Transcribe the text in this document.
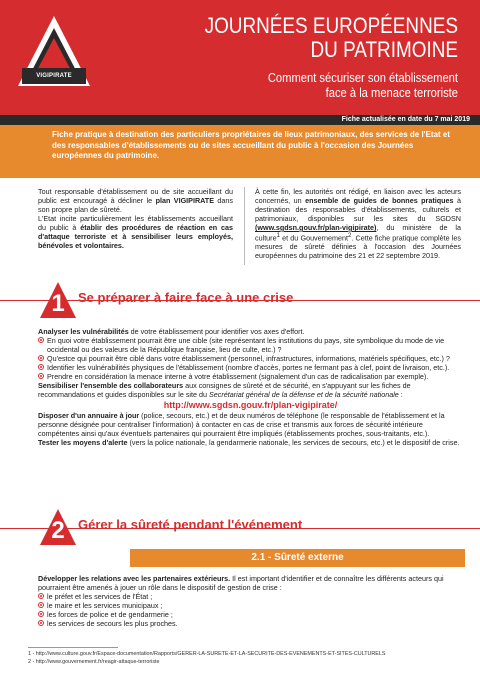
VIGIPIRATE
JOURNÉES EUROPÉENNES
DU PATRIMOINE
Comment sécuriser son établissement
face à la menace terroriste
Fiche actualisée en date du 7 mai 2019
Fiche pratique à destination des particuliers propriétaires de lieux patrimoniaux, des services de l'Etat et des responsables d'établissements ou de sites accueillant du public à l'occasion des Journées européennes du patrimoine.

Tout responsable d'établissement ou de site accueillant du public est encouragé à décliner le plan VIGIPIRATE dans son propre plan de sûreté.

L'Etat incite particulièrement les établissements accueillant du public à établir des procédures de réaction en cas d'attaque terroriste et à sensibiliser leurs employés, bénévoles et volontaires.

À cette fin, les autorités ont rédigé, en liaison avec les acteurs concernés, un ensemble de guides de bonnes pratiques à destination des responsables d'établissements, culturels et patrimoniaux, disponibles sur les sites du SGDSN (www.sgdsn.gouv.fr/plan-vigipirate), du ministère de la culture$^1$ et du Gouvernement$^2$. Cette fiche pratique complète les mesures de sûreté définies à l'occasion des Journées européennes du patrimoine des 21 et 22 septembre 2019.

1	Se préparer à faire face à une crise

Analyser les vulnérabilités de votre établissement pour identifier vos axes d'effort.

En quoi votre établissement pourrait être une cible (site représentant les institutions du pays, site symbolique du mode de vie occidental ou des valeurs de la République française, lieu de culte, etc.) ?
Qu'estce qui pourrait être ciblé dans votre établissement (personnel, infrastructures, informations, matériels spécifiques, etc.) ?
Identifier les vulnérabilités physiques de l'établissement (nombre d'accès, portes ne fermant pas à clef, point de livraison, etc.).
Prendre en considération la menace interne à votre établissement (signalement d'un cas de radicalisation par exemple).

Sensibiliser l'ensemble des collaborateurs aux consignes de sûreté et de sécurité, en s'appuyant sur les fiches de recommandations et guides disponibles sur le site du Secrétariat général de la défense et de la sécurité nationale :

http://www.sgdsn.gouv.fr/plan-vigipirate/

Disposer d'un annuaire à jour (police, secours, etc.) et de deux numéros de téléphone (le responsable de l'établissement et la personne désignée pour centraliser l'information) à contacter en cas de crise et transmis aux forces de sécurité intérieure compétentes ainsi qu'aux éventuels partenaires qui pourraient être impliqués (établissements proches, sous-traitants, etc.).

Tester les moyens d'alerte (vers la police nationale, la gendarmerie nationale, les services de secours, etc.) et le dispositif de crise.

2	Gérer la sûreté pendant l'événement
2.1 - Sûreté externe

Développer les relations avec les partenaires extérieurs. Il est important d'identifier et de connaître les différents acteurs qui pourraient être amenés à jouer un rôle dans le dispositif de gestion de crise :

le préfet et les services de l'État ;
le maire et les services municipaux ;
les forces de police et de gendarmerie ;
les services de secours les plus proches.
1 - http://www.culture.gouv.fr/Espace-documentation/Rapports/GERER-LA-SURETE-ET-LA-SECURITE-DES-EVENEMENTS-ET-SITES-CULTURELS
2 - http://www.gouvernement.fr/reagir-attaque-terroriste
